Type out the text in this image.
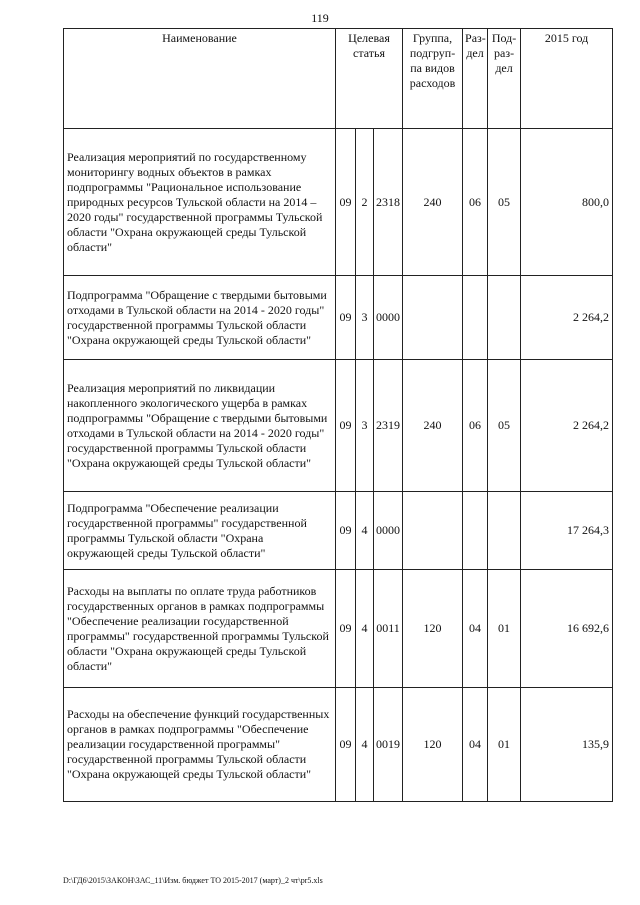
119
Наименование	Целевая статья			Группа, подгруп-па видов расходов	Раз-дел	Под-раз-дел	2015 год
Реализация мероприятий по государственному мониторингу водных объектов в рамках подпрограммы "Рациональное использование природных ресурсов Тульской области на 2014 – 2020 годы" государственной программы Тульской области "Охрана окружающей среды Тульской области"	09	2	2318	240	06	05	800,0
Подпрограмма "Обращение с твердыми бытовыми отходами в Тульской области на 2014 - 2020 годы" государственной программы Тульской области "Охрана окружающей среды Тульской области"	09	3	0000				2 264,2
Реализация мероприятий по ликвидации накопленного экологического ущерба в рамках подпрограммы "Обращение с твердыми бытовыми отходами в Тульской области на 2014 - 2020 годы" государственной программы Тульской области "Охрана окружающей среды Тульской области"	09	3	2319	240	06	05	2 264,2
Подпрограмма "Обеспечение реализации государственной программы" государственной программы Тульской области "Охрана окружающей среды Тульской области"	09	4	0000				17 264,3
Расходы на выплаты по оплате труда работников государственных органов в рамках подпрограммы "Обеспечение реализации государственной программы" государственной программы Тульской области "Охрана окружающей среды Тульской области"	09	4	0011	120	04	01	16 692,6
Расходы на обеспечение функций государственных органов в рамках подпрограммы "Обеспечение реализации государственной программы" государственной программы Тульской области "Охрана окружающей среды Тульской области"	09	4	0019	120	04	01	135,9
D:\ГД6\2015\ЗАКОН\ЗАС_11\Изм. бюджет ТО 2015-2017 (март)_2 чт\pr5.xls
